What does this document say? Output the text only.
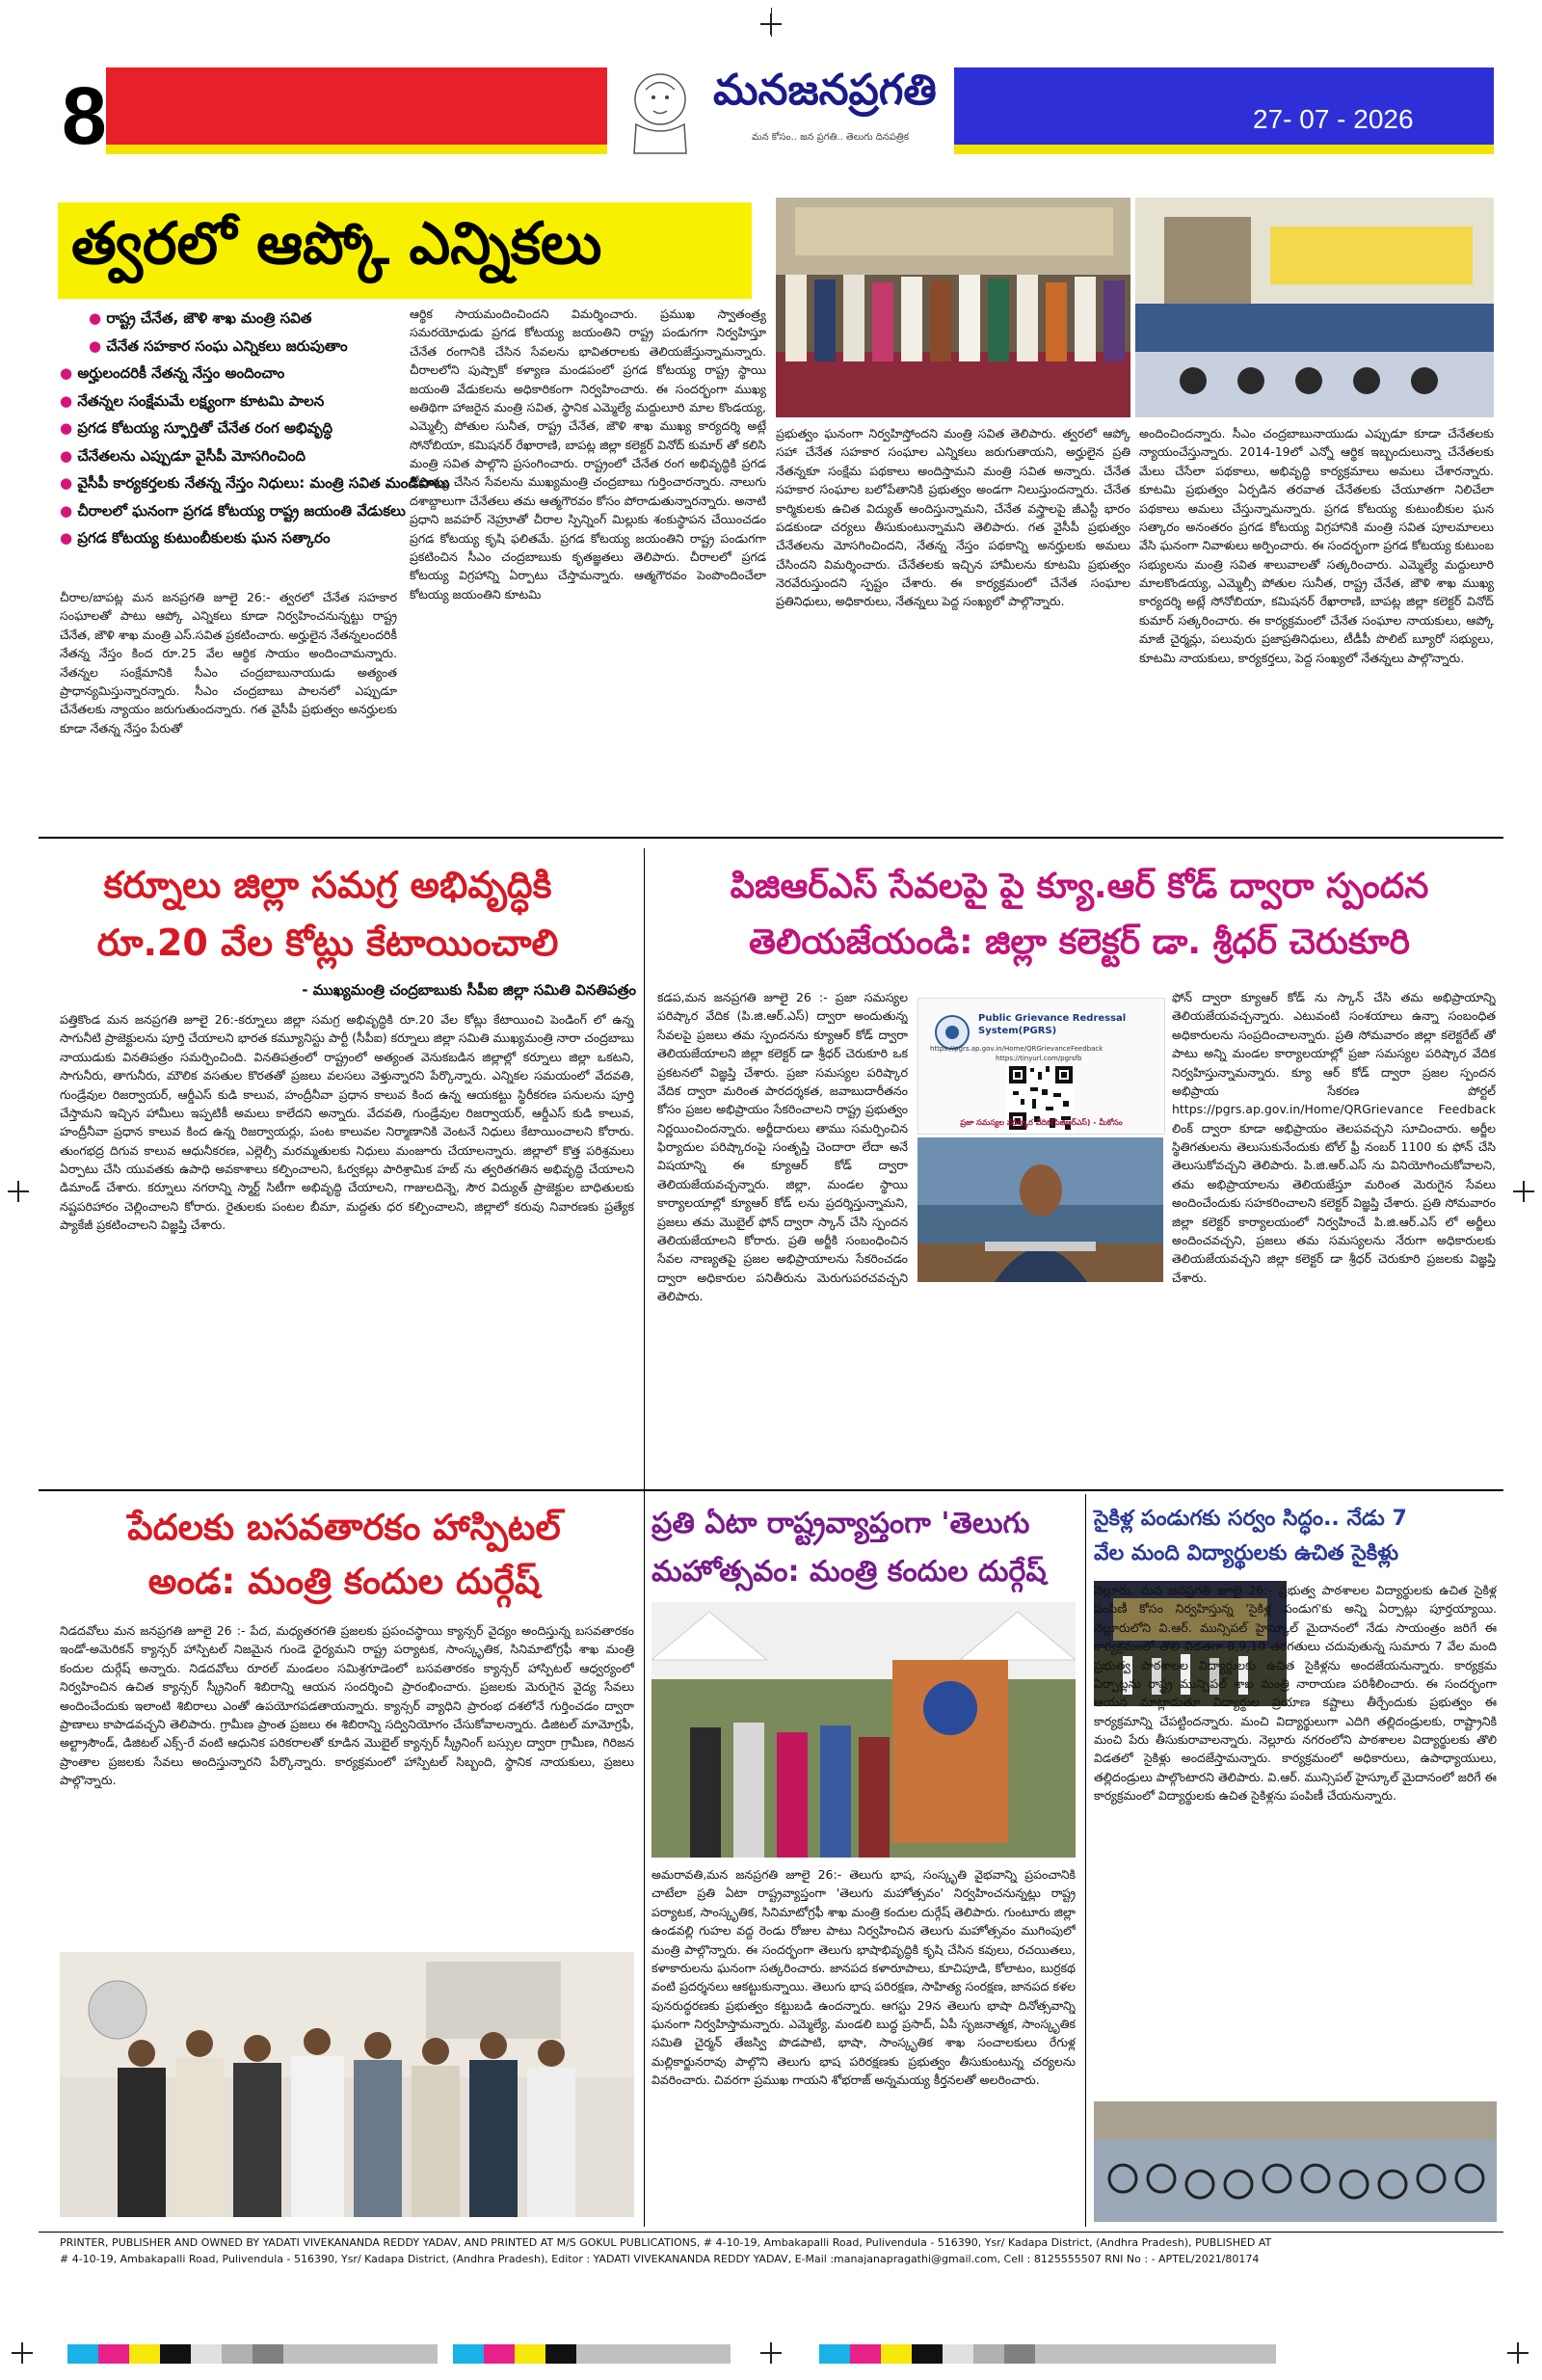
8	మనజనప్రగతి
మన కోసం.. జన ప్రగతి.. తెలుగు దినపత్రిక
27- 07 - 2026
త్వరలో ఆప్కో ఎన్నికలు
● రాష్ట్ర చేనేత, జౌళి శాఖ మంత్రి సవిత
● చేనేత సహకార సంఘ ఎన్నికలు జరుపుతాం
● అర్హులందరికీ నేతన్న నేస్తం అందించాం
● నేతన్నల సంక్షేమమే లక్ష్యంగా కూటమి పాలన
● ప్రగడ కోటయ్య స్ఫూర్తితో చేనేత రంగ అభివృద్ధి
● చేనేతలను ఎప్పుడూ వైసీపీ మోసగించింది
● వైసీపీ కార్యకర్తలకు నేతన్న నేస్తం నిధులు: మంత్రి సవిత మండిపాటు
● చీరాలలో ఘనంగా ప్రగడ కోటయ్య రాష్ట్ర జయంతి వేడుకలు
● ప్రగడ కోటయ్య కుటుంబీకులకు ఘన సత్కారం
చీరాల/బాపట్ల మన జనప్రగతి జూలై 26:- త్వరలో చేనేత సహకార సంఘాలతో పాటు ఆప్కో ఎన్నికలు కూడా నిర్వహించనున్నట్టు రాష్ట్ర చేనేత, జౌళి శాఖ మంత్రి ఎస్.సవిత ప్రకటించారు. అర్హులైన నేతన్నలందరికీ నేతన్న నేస్తం కింద రూ.25 వేల ఆర్థిక సాయం అందించామన్నారు. నేతన్నల సంక్షేమానికి సీఎం చంద్రబాబునాయుడు అత్యంత ప్రాధాన్యమిస్తున్నారన్నారు. సీఎం చంద్రబాబు పాలనలో ఎప్పుడూ చేనేతలకు న్యాయం జరుగుతుందన్నారు. గత వైసీపీ ప్రభుత్వం అనర్హులకు కూడా నేతన్న నేస్తం పేరుతో
ఆర్థిక సాయమందించిందని విమర్శించారు. ప్రముఖ స్వాతంత్ర్య సమరయోధుడు ప్రగడ కోటయ్య జయంతిని రాష్ట్ర పండుగగా నిర్వహిస్తూ చేనేత రంగానికి చేసిన సేవలను భావితరాలకు తెలియజేస్తున్నామన్నారు. చీరాలలోని పుష్పాకో కళ్యాణ మండపంలో ప్రగడ కోటయ్య రాష్ట్ర స్థాయి జయంతి వేడుకలను అధికారికంగా నిర్వహించారు. ఈ సందర్భంగా ముఖ్య అతిథిగా హాజరైన మంత్రి సవిత, స్థానిక ఎమ్మెల్యే మద్దులూరి మాల కొండయ్య, ఎమ్మెల్సీ పోతుల సునీత, రాష్ట్ర చేనేత, జౌళి శాఖ ముఖ్య కార్యదర్శి అట్లే సోనోబియా, కమిషనర్ రేఖారాణి, బాపట్ల జిల్లా కలెక్టర్ వినోద్ కుమార్ తో కలిసి మంత్రి సవిత పాల్గొని ప్రసంగించారు. రాష్ట్రంలో చేనేత రంగ అభివృద్ధికి ప్రగడ కోటయ్య చేసిన సేవలను ముఖ్యమంత్రి చంద్రబాబు గుర్తించారన్నారు. నాలుగు దశాబ్దాలుగా చేనేతలు తమ ఆత్మగౌరవం కోసం పోరాడుతున్నారన్నారు. అనాటి ప్రధాని జవహర్ నెహ్రూతో చీరాల స్పిన్నింగ్ మిల్లుకు శంకుస్థాపన చేయించడం ప్రగడ కోటయ్య కృషి ఫలితమే. ప్రగడ కోటయ్య జయంతిని రాష్ట్ర పండుగగా ప్రకటించిన సీఎం చంద్రబాబుకు కృతజ్ఞతలు తెలిపారు. చీరాలలో ప్రగడ కోటయ్య విగ్రహాన్ని ఏర్పాటు చేస్తామన్నారు. ఆత్మగౌరవం పెంపొందించేలా కోటయ్య జయంతిని కూటమి
ప్రభుత్వం ఘనంగా నిర్వహిస్తోందని మంత్రి సవిత తెలిపారు. త్వరలో ఆప్కో సహా చేనేత సహకార సంఘాల ఎన్నికలు జరుగుతాయని, అర్హులైన ప్రతి నేతన్నకూ సంక్షేమ పథకాలు అందిస్తామని మంత్రి సవిత అన్నారు. చేనేత సహకార సంఘాల బలోపేతానికి ప్రభుత్వం అండగా నిలుస్తుందన్నారు. చేనేత కార్మికులకు ఉచిత విద్యుత్ అందిస్తున్నామని, చేనేత వస్త్రాలపై జీఎస్టీ భారం పడకుండా చర్యలు తీసుకుంటున్నామని తెలిపారు. గత వైసీపీ ప్రభుత్వం చేనేతలను మోసగించిందని, నేతన్న నేస్తం పథకాన్ని అనర్హులకు అమలు చేసిందని విమర్శించారు. చేనేతలకు ఇచ్చిన హామీలను కూటమి ప్రభుత్వం నెరవేరుస్తుందని స్పష్టం చేశారు. ఈ కార్యక్రమంలో చేనేత సంఘాల ప్రతినిధులు, అధికారులు, నేతన్నలు పెద్ద సంఖ్యలో పాల్గొన్నారు.
అందించిందన్నారు. సీఎం చంద్రబాబునాయుడు ఎప్పుడూ కూడా చేనేతలకు న్యాయంచేస్తున్నారు. 2014-19లో ఎన్నో ఆర్థిక ఇబ్బందులున్నా చేనేతలకు మేలు చేసేలా పథకాలు, అభివృద్ధి కార్యక్రమాలు అమలు చేశారన్నారు. కూటమి ప్రభుత్వం ఏర్పడిన తరవాత చేనేతలకు చేయూతగా నిలిచేలా పథకాలు అమలు చేస్తున్నామన్నారు. ప్రగడ కోటయ్య కుటుంబీకుల ఘన సత్కారం అనంతరం ప్రగడ కోటయ్య విగ్రహానికి మంత్రి సవిత పూలమాలలు వేసి ఘనంగా నివాళులు అర్పించారు. ఈ సందర్భంగా ప్రగడ కోటయ్య కుటుంబ సభ్యులను మంత్రి సవిత శాలువాలతో సత్కరించారు. ఎమ్మెల్యే మద్దులూరి మాలకొండయ్య, ఎమ్మెల్సీ పోతుల సునీత, రాష్ట్ర చేనేత, జౌళి శాఖ ముఖ్య కార్యదర్శి అట్లే సోనోబియా, కమిషనర్ రేఖారాణి, బాపట్ల జిల్లా కలెక్టర్ వినోద్ కుమార్ సత్కరించారు. ఈ కార్యక్రమంలో చేనేత సంఘాల నాయకులు, ఆప్కో మాజీ చైర్మన్లు, పలువురు ప్రజాప్రతినిధులు, టీడీపీ పొలిట్ బ్యూరో సభ్యులు, కూటమి నాయకులు, కార్యకర్తలు, పెద్ద సంఖ్యలో నేతన్నలు పాల్గొన్నారు.
కర్నూలు జిల్లా సమగ్ర అభివృద్ధికి
రూ.20 వేల కోట్లు కేటాయించాలి
- ముఖ్యమంత్రి చంద్రబాబుకు సీపీఐ జిల్లా సమితి వినతిపత్రం
పత్తికొండ మన జనప్రగతి జూలై 26:-కర్నూలు జిల్లా సమగ్ర అభివృద్ధికి రూ.20 వేల కోట్లు కేటాయించి పెండింగ్ లో ఉన్న సాగునీటి ప్రాజెక్టులను పూర్తి చేయాలని భారత కమ్యూనిస్టు పార్టీ (సీపీఐ) కర్నూలు జిల్లా సమితి ముఖ్యమంత్రి నారా చంద్రబాబు నాయుడుకు వినతిపత్రం సమర్పించింది. వినతిపత్రంలో రాష్ట్రంలో అత్యంత వెనుకబడిన జిల్లాల్లో కర్నూలు జిల్లా ఒకటని, సాగునీరు, తాగునీరు, మౌలిక వసతుల కొరతతో ప్రజలు వలసలు వెళ్తున్నారని పేర్కొన్నారు. ఎన్నికల సమయంలో వేదవతి, గుండ్రేవుల రిజర్వాయర్, ఆర్డీఎస్ కుడి కాలువ, హంద్రీనీవా ప్రధాన కాలువ కింద ఉన్న ఆయకట్టు స్థిరీకరణ పనులను పూర్తి చేస్తామని ఇచ్చిన హామీలు ఇప్పటికీ అమలు కాలేదని అన్నారు. వేదవతి, గుండ్రేవుల రిజర్వాయర్, ఆర్డీఎస్ కుడి కాలువ, హంద్రీనీవా ప్రధాన కాలువ కింద ఉన్న రిజర్వాయర్లు, పంట కాలువల నిర్మాణానికి వెంటనే నిధులు కేటాయించాలని కోరారు. తుంగభద్ర దిగువ కాలువ ఆధునీకరణ, ఎల్లెల్సీ మరమ్మతులకు నిధులు మంజూరు చేయాలన్నారు. జిల్లాలో కొత్త పరిశ్రమలు ఏర్పాటు చేసి యువతకు ఉపాధి అవకాశాలు కల్పించాలని, ఓర్వకల్లు పారిశ్రామిక హబ్ ను త్వరితగతిన అభివృద్ధి చేయాలని డిమాండ్ చేశారు. కర్నూలు నగరాన్ని స్మార్ట్ సిటీగా అభివృద్ధి చేయాలని, గాజులదిన్నె, సౌర విద్యుత్ ప్రాజెక్టుల బాధితులకు నష్టపరిహారం చెల్లించాలని కోరారు. రైతులకు పంటల బీమా, మద్దతు ధర కల్పించాలని, జిల్లాలో కరువు నివారణకు ప్రత్యేక ప్యాకేజీ ప్రకటించాలని విజ్ఞప్తి చేశారు.
పిజిఆర్ఎస్ సేవలపై పై క్యూ.ఆర్ కోడ్ ద్వారా స్పందన
తెలియజేయండి: జిల్లా కలెక్టర్ డా. శ్రీధర్ చెరుకూరి
కడప,మన జనప్రగతి జూలై 26 :- ప్రజా సమస్యల పరిష్కార వేదిక (పి.జి.ఆర్.ఎస్) ద్వారా అందుతున్న సేవలపై ప్రజలు తమ స్పందనను క్యూఆర్ కోడ్ ద్వారా తెలియజేయాలని జిల్లా కలెక్టర్ డా శ్రీధర్ చెరుకూరి ఒక ప్రకటనలో విజ్ఞప్తి చేశారు. ప్రజా సమస్యల పరిష్కార వేదిక ద్వారా మరింత పారదర్శకత, జవాబుదారీతనం కోసం ప్రజల అభిప్రాయం సేకరించాలని రాష్ట్ర ప్రభుత్వం నిర్ణయించిందన్నారు. అర్జీదారులు తాము సమర్పించిన ఫిర్యాదుల పరిష్కారంపై సంతృప్తి చెందారా లేదా అనే విషయాన్ని ఈ క్యూఆర్ కోడ్ ద్వారా తెలియజేయవచ్చన్నారు. జిల్లా, మండల స్థాయి కార్యాలయాల్లో క్యూఆర్ కోడ్ లను ప్రదర్శిస్తున్నామని, ప్రజలు తమ మొబైల్ ఫోన్ ద్వారా స్కాన్ చేసి స్పందన తెలియజేయాలని కోరారు. ప్రతి అర్జీకి సంబంధించిన సేవల నాణ్యతపై ప్రజల అభిప్రాయాలను సేకరించడం ద్వారా అధికారుల పనితీరును మెరుగుపరచవచ్చని తెలిపారు.
Public Grievance Redressal System(PGRS)
https://pgrs.ap.gov.in/Home/QRGrievanceFeedback
https://tinyurl.com/pgrsfb
ప్రజా సమస్యల పరిష్కార వేదిక(పిజిఆర్ఎస్) - మీకోసం
ఫోన్ ద్వారా క్యూఆర్ కోడ్ ను స్కాన్ చేసి తమ అభిప్రాయాన్ని తెలియజేయవచ్చన్నారు. ఎటువంటి సంశయాలు ఉన్నా సంబంధిత అధికారులను సంప్రదించాలన్నారు. ప్రతి సోమవారం జిల్లా కలెక్టరేట్ తో పాటు అన్ని మండల కార్యాలయాల్లో ప్రజా సమస్యల పరిష్కార వేదిక నిర్వహిస్తున్నామన్నారు. క్యూ ఆర్ కోడ్ ద్వారా ప్రజల స్పందన అభిప్రాయ సేకరణ పోర్టల్ https://pgrs.ap.gov.in/Home/QRGrievance Feedback లింక్ ద్వారా కూడా అభిప్రాయం తెలపవచ్చని సూచించారు. అర్జీల స్థితిగతులను తెలుసుకునేందుకు టోల్ ఫ్రీ నంబర్ 1100 కు ఫోన్ చేసి తెలుసుకోవచ్చని తెలిపారు. పి.జి.ఆర్.ఎస్ ను వినియోగించుకోవాలని, తమ అభిప్రాయాలను తెలియజేస్తూ మరింత మెరుగైన సేవలు అందించేందుకు సహకరించాలని కలెక్టర్ విజ్ఞప్తి చేశారు. ప్రతి సోమవారం జిల్లా కలెక్టర్ కార్యాలయంలో నిర్వహించే పి.జి.ఆర్.ఎస్ లో అర్జీలు అందించవచ్చని, ప్రజలు తమ సమస్యలను నేరుగా అధికారులకు తెలియజేయవచ్చని జిల్లా కలెక్టర్ డా శ్రీధర్ చెరుకూరి ప్రజలకు విజ్ఞప్తి చేశారు.
పేదలకు బసవతారకం హాస్పిటల్
అండ: మంత్రి కందుల దుర్గేష్
నిడదవోలు మన జనప్రగతి జూలై 26 :- పేద, మధ్యతరగతి ప్రజలకు ప్రపంచస్థాయి క్యాన్సర్ వైద్యం అందిస్తున్న బసవతారకం ఇండో-అమెరికన్ క్యాన్సర్ హాస్పిటల్ నిజమైన గుండె ధైర్యమని రాష్ట్ర పర్యాటక, సాంస్కృతిక, సినిమాటోగ్రఫీ శాఖ మంత్రి కందుల దుర్గేష్ అన్నారు. నిడదవోలు రూరల్ మండలం సమిశ్రగూడెంలో బసవతారకం క్యాన్సర్ హాస్పిటల్ ఆధ్వర్యంలో నిర్వహించిన ఉచిత క్యాన్సర్ స్క్రీనింగ్ శిబిరాన్ని ఆయన సందర్శించి ప్రారంభించారు. ప్రజలకు మెరుగైన వైద్య సేవలు అందించేందుకు ఇలాంటి శిబిరాలు ఎంతో ఉపయోగపడతాయన్నారు. క్యాన్సర్ వ్యాధిని ప్రారంభ దశలోనే గుర్తించడం ద్వారా ప్రాణాలు కాపాడవచ్చని తెలిపారు. గ్రామీణ ప్రాంత ప్రజలు ఈ శిబిరాన్ని సద్వినియోగం చేసుకోవాలన్నారు. డిజిటల్ మామోగ్రఫీ, అల్ట్రాసౌండ్, డిజిటల్ ఎక్స్-రే వంటి ఆధునిక పరికరాలతో కూడిన మొబైల్ క్యాన్సర్ స్క్రీనింగ్ బస్సుల ద్వారా గ్రామీణ, గిరిజన ప్రాంతాల ప్రజలకు సేవలు అందిస్తున్నారని పేర్కొన్నారు. కార్యక్రమంలో హాస్పిటల్ సిబ్బంది, స్థానిక నాయకులు, ప్రజలు పాల్గొన్నారు.
ప్రతి ఏటా రాష్ట్రవ్యాప్తంగా 'తెలుగు
మహోత్సవం: మంత్రి కందుల దుర్గేష్
అమరావతి,మన జనప్రగతి జూలై 26:- తెలుగు భాష, సంస్కృతి వైభవాన్ని ప్రపంచానికి చాటేలా ప్రతి ఏటా రాష్ట్రవ్యాప్తంగా 'తెలుగు మహోత్సవం' నిర్వహించనున్నట్లు రాష్ట్ర పర్యాటక, సాంస్కృతిక, సినిమాటోగ్రఫీ శాఖ మంత్రి కందుల దుర్గేష్ తెలిపారు. గుంటూరు జిల్లా ఉండవల్లి గుహల వద్ద రెండు రోజుల పాటు నిర్వహించిన తెలుగు మహోత్సవం ముగింపులో మంత్రి పాల్గొన్నారు. ఈ సందర్భంగా తెలుగు భాషాభివృద్ధికి కృషి చేసిన కవులు, రచయితలు, కళాకారులను ఘనంగా సత్కరించారు. జానపద కళారూపాలు, కూచిపూడి, కోలాటం, బుర్రకథ వంటి ప్రదర్శనలు ఆకట్టుకున్నాయి. తెలుగు భాష పరిరక్షణ, సాహిత్య సంరక్షణ, జానపద కళల పునరుద్ధరణకు ప్రభుత్వం కట్టుబడి ఉందన్నారు. ఆగస్టు 29న తెలుగు భాషా దినోత్సవాన్ని ఘనంగా నిర్వహిస్తామన్నారు. ఎమ్మెల్యే, మండలి బుద్ధ ప్రసాద్, ఏపీ సృజనాత్మక, సాంస్కృతిక సమితి చైర్మన్ తేజస్వి పొడపాటి, భాషా, సాంస్కృతిక శాఖ సంచాలకులు రేగుళ్ల మల్లికార్జునరావు పాల్గొని తెలుగు భాష పరిరక్షణకు ప్రభుత్వం తీసుకుంటున్న చర్యలను వివరించారు. చివరగా ప్రముఖ గాయని శోభరాజ్ అన్నమయ్య కీర్తనలతో అలరించారు.
సైకిళ్ల పండుగకు సర్వం సిద్ధం.. నేడు 7
వేల మంది విద్యార్థులకు ఉచిత సైకిళ్లు
నెల్లూరు, మన జనప్రగతి జూలై 26:- ప్రభుత్వ పాఠశాలల విద్యార్థులకు ఉచిత సైకిళ్ల పంపిణీ కోసం నిర్వహిస్తున్న 'సైకిళ్ల పండుగ'కు అన్ని ఏర్పాట్లు పూర్తయ్యాయి. నెల్లూరులోని వి.ఆర్. మున్సిపల్ హైస్కూల్ మైదానంలో నేడు సాయంత్రం జరిగే ఈ కార్యక్రమంలో తొలి విడతగా 8,9,10 తరగతులు చదువుతున్న సుమారు 7 వేల మంది ప్రభుత్వ పాఠశాలల విద్యార్థులకు ఉచిత సైకిళ్లను అందజేయనున్నారు. కార్యక్రమ ఏర్పాట్లను రాష్ట్ర మున్సిపల్ శాఖ మంత్రి నారాయణ పరిశీలించారు. ఈ సందర్భంగా ఆయన మాట్లాడుతూ విద్యార్థుల ప్రయాణ కష్టాలు తీర్చేందుకు ప్రభుత్వం ఈ కార్యక్రమాన్ని చేపట్టిందన్నారు. మంచి విద్యార్థులుగా ఎదిగి తల్లిదండ్రులకు, రాష్ట్రానికి మంచి పేరు తీసుకురావాలన్నారు. నెల్లూరు నగరంలోని పాఠశాలల విద్యార్థులకు తొలి విడతలో సైకిళ్లు అందజేస్తామన్నారు. కార్యక్రమంలో అధికారులు, ఉపాధ్యాయులు, తల్లిదండ్రులు పాల్గొంటారని తెలిపారు. వి.ఆర్. మున్సిపల్ హైస్కూల్ మైదానంలో జరిగే ఈ కార్యక్రమంలో విద్యార్థులకు ఉచిత సైకిళ్లను పంపిణీ చేయనున్నారు.
PRINTER, PUBLISHER AND OWNED BY YADATI VIVEKANANDA REDDY YADAV, AND PRINTED AT M/S GOKUL PUBLICATIONS, # 4-10-19, Ambakapalli Road, Pulivendula - 516390, Ysr/ Kadapa District, (Andhra Pradesh), PUBLISHED AT
# 4-10-19, Ambakapalli Road, Pulivendula - 516390, Ysr/ Kadapa District, (Andhra Pradesh), Editor : YADATI VIVEKANANDA REDDY YADAV, E-Mail :manajanapragathi@gmail.com, Cell : 8125555507 RNI No : - APTEL/2021/80174
